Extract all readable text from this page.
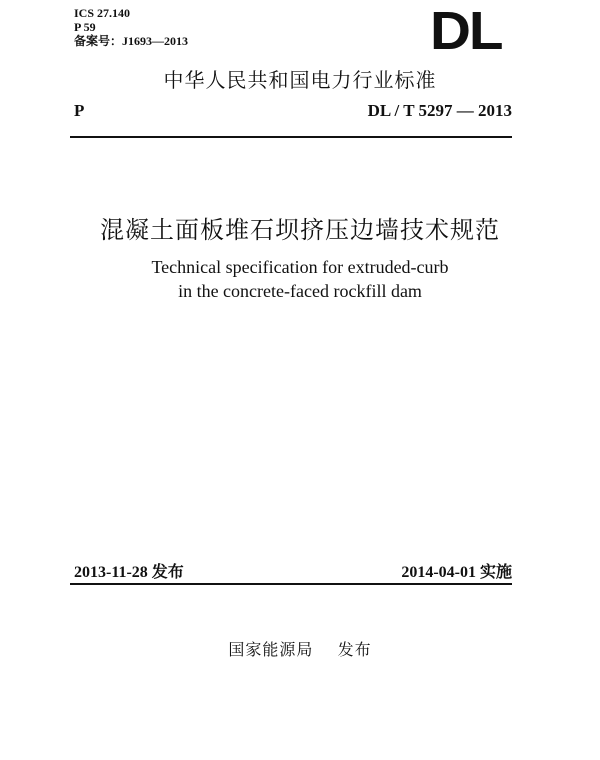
ICS 27.140
P 59
备案号：J1693—2013	DL
中华人民共和国电力行业标准
P	DL / T 5297 — 2013
混凝土面板堆石坝挤压边墙技术规范
Technical specification for extruded-curb
in the concrete-faced rockfill dam
2013-11-28 发布	2014-04-01 实施
国家能源局    发布
